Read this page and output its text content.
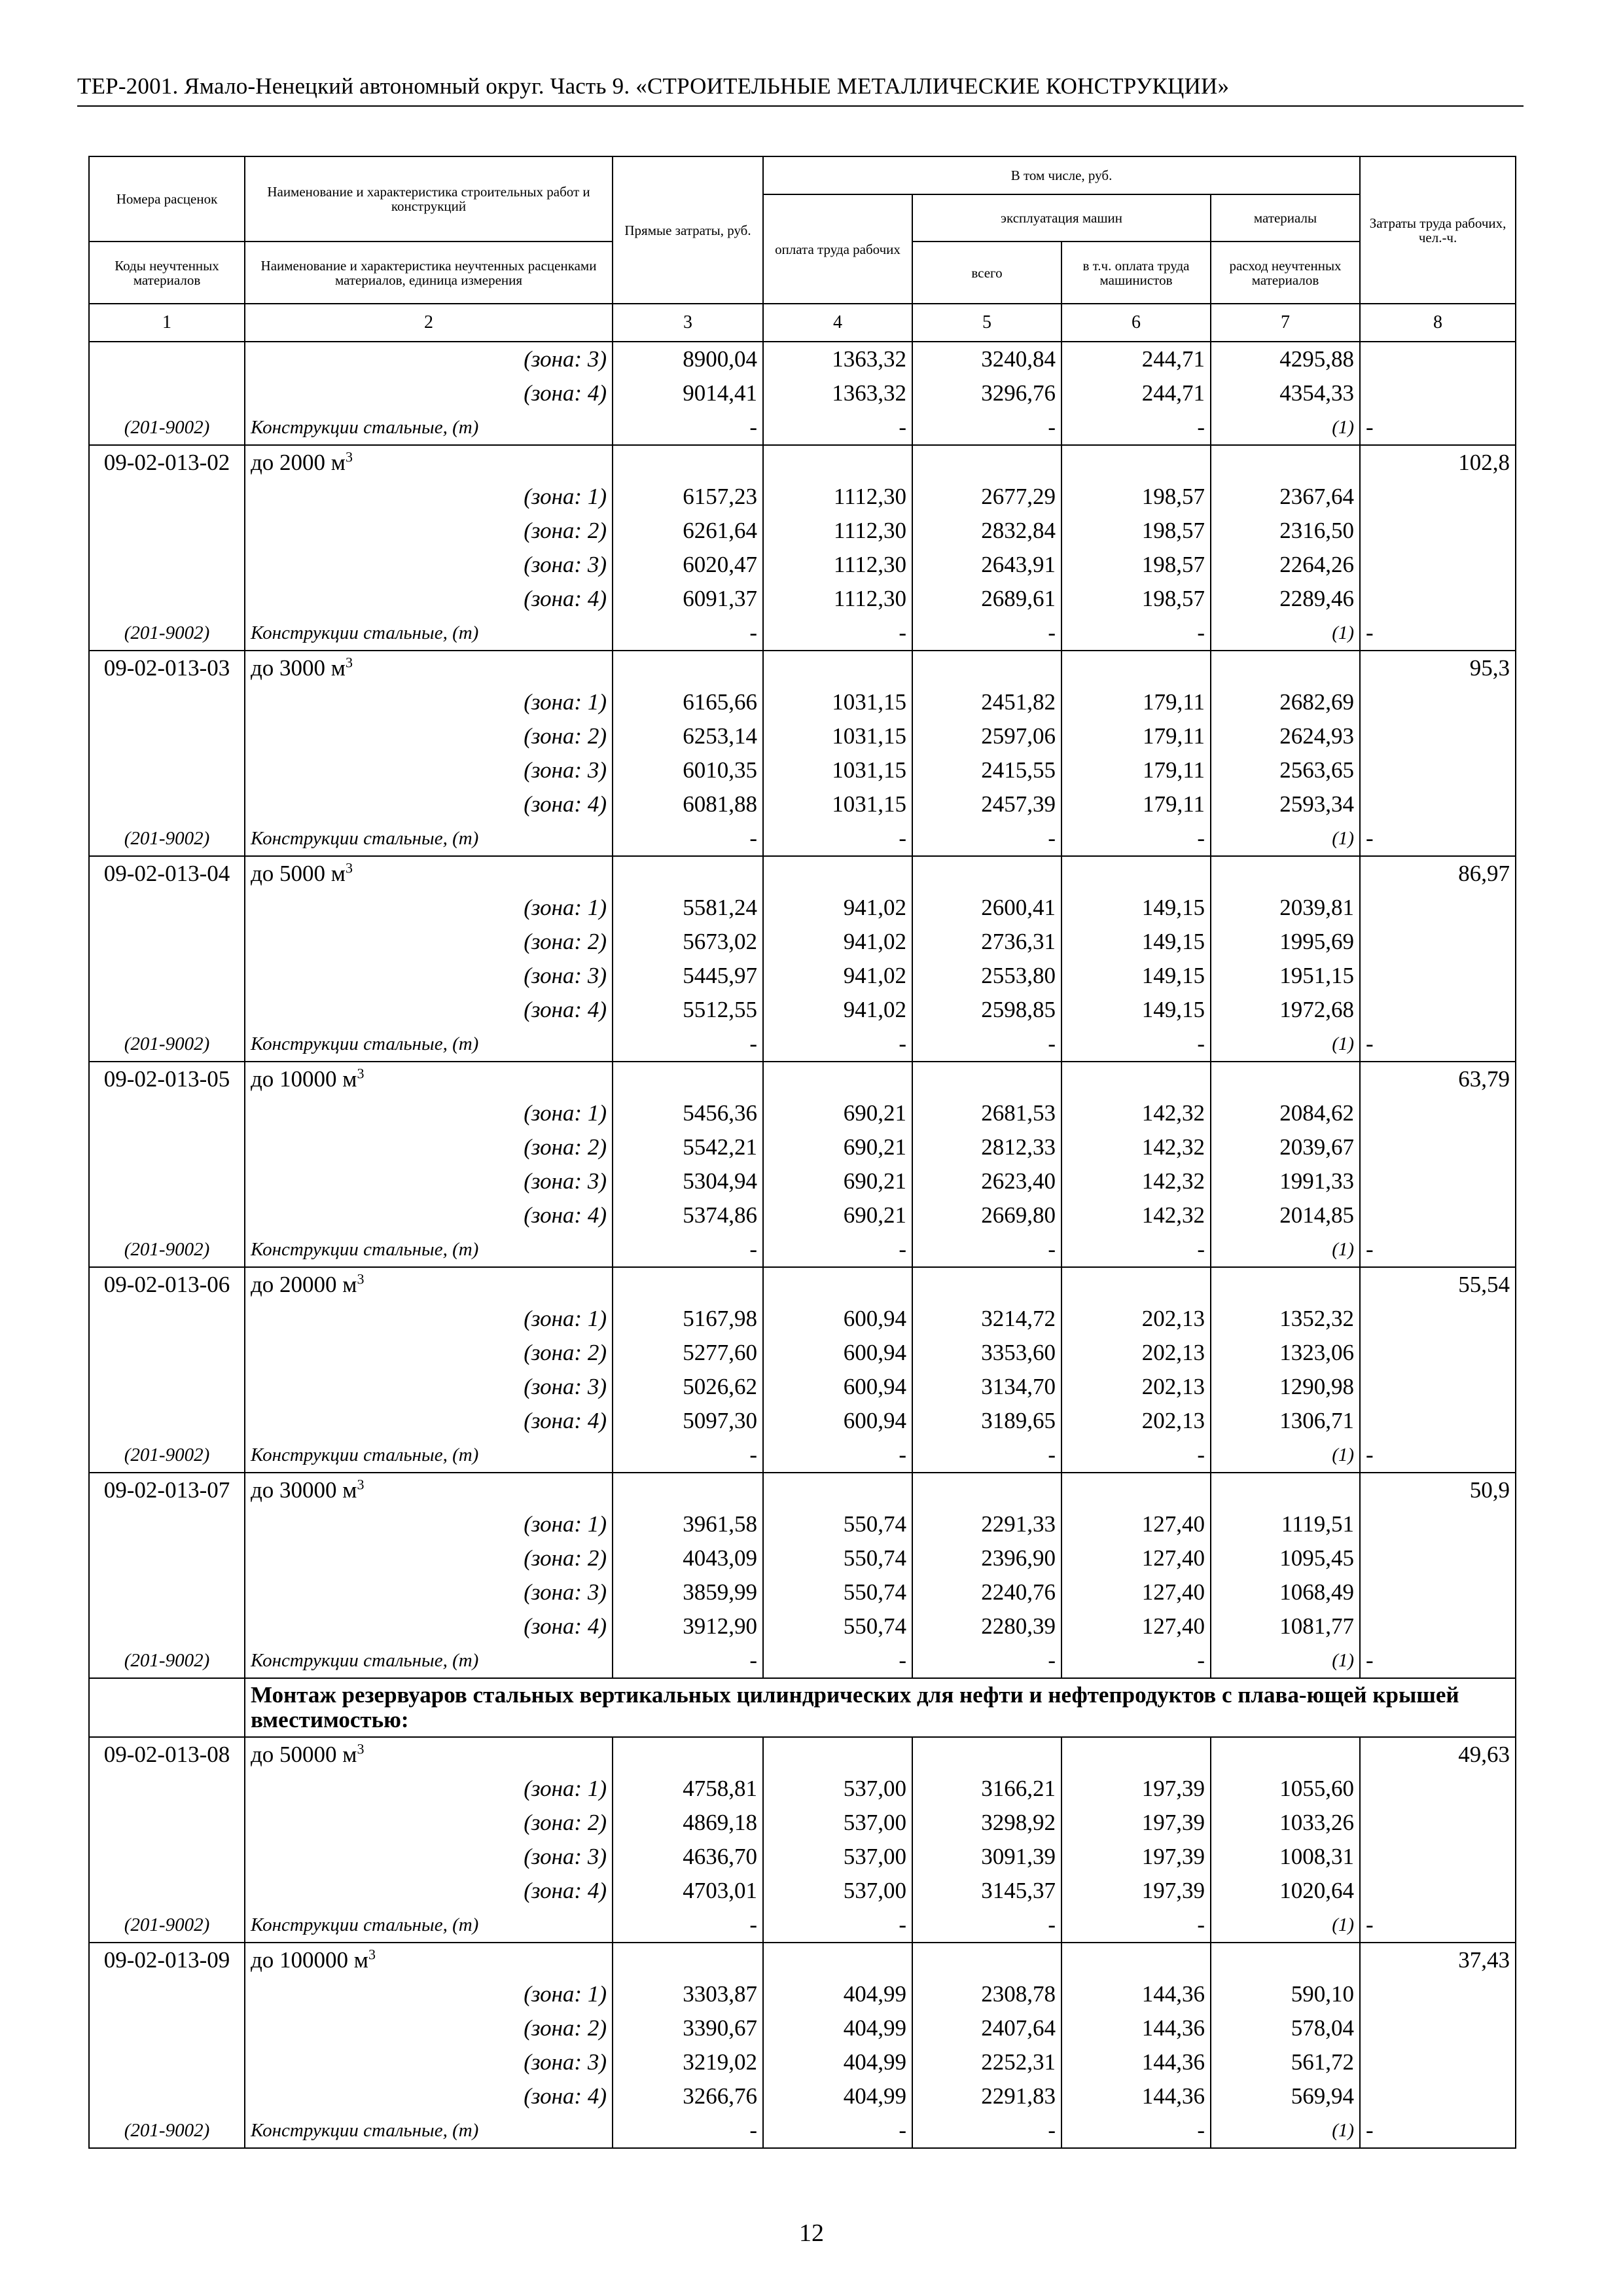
ТЕР-2001. Ямало-Ненецкий автономный округ. Часть 9. «СТРОИТЕЛЬНЫЕ МЕТАЛЛИЧЕСКИЕ КОНСТРУКЦИИ»
Номера расценок	Наименование и характеристика строительных работ и конструкций	Прямые затраты, руб.	В том числе, руб.				Затраты труда рабочих, чел.-ч.
			оплата труда рабочих	эксплуатация машин		материалы	
Коды неучтенных материалов	Наименование и характеристика неучтенных расценками материалов, единица измерения			всего	в т.ч. оплата труда машинистов	расход неучтенных материалов	
1	2	3	4	5	6	7	8
	(зона: 3)	8900,04	1363,32	3240,84	244,71	4295,88	
	(зона: 4)	9014,41	1363,32	3296,76	244,71	4354,33	
(201-9002)	Конструкции стальные, (т)	-	-	-	-	(1)	-
09-02-013-02	до 2000 $м^3$						102,8
	(зона: 1)	6157,23	1112,30	2677,29	198,57	2367,64	
	(зона: 2)	6261,64	1112,30	2832,84	198,57	2316,50	
	(зона: 3)	6020,47	1112,30	2643,91	198,57	2264,26	
	(зона: 4)	6091,37	1112,30	2689,61	198,57	2289,46	
(201-9002)	Конструкции стальные, (т)	-	-	-	-	(1)	-
09-02-013-03	до 3000 $м^3$						95,3
	(зона: 1)	6165,66	1031,15	2451,82	179,11	2682,69	
	(зона: 2)	6253,14	1031,15	2597,06	179,11	2624,93	
	(зона: 3)	6010,35	1031,15	2415,55	179,11	2563,65	
	(зона: 4)	6081,88	1031,15	2457,39	179,11	2593,34	
(201-9002)	Конструкции стальные, (т)	-	-	-	-	(1)	-
09-02-013-04	до 5000 $м^3$						86,97
	(зона: 1)	5581,24	941,02	2600,41	149,15	2039,81	
	(зона: 2)	5673,02	941,02	2736,31	149,15	1995,69	
	(зона: 3)	5445,97	941,02	2553,80	149,15	1951,15	
	(зона: 4)	5512,55	941,02	2598,85	149,15	1972,68	
(201-9002)	Конструкции стальные, (т)	-	-	-	-	(1)	-
09-02-013-05	до 10000 $м^3$						63,79
	(зона: 1)	5456,36	690,21	2681,53	142,32	2084,62	
	(зона: 2)	5542,21	690,21	2812,33	142,32	2039,67	
	(зона: 3)	5304,94	690,21	2623,40	142,32	1991,33	
	(зона: 4)	5374,86	690,21	2669,80	142,32	2014,85	
(201-9002)	Конструкции стальные, (т)	-	-	-	-	(1)	-
09-02-013-06	до 20000 $м^3$						55,54
	(зона: 1)	5167,98	600,94	3214,72	202,13	1352,32	
	(зона: 2)	5277,60	600,94	3353,60	202,13	1323,06	
	(зона: 3)	5026,62	600,94	3134,70	202,13	1290,98	
	(зона: 4)	5097,30	600,94	3189,65	202,13	1306,71	
(201-9002)	Конструкции стальные, (т)	-	-	-	-	(1)	-
09-02-013-07	до 30000 $м^3$						50,9
	(зона: 1)	3961,58	550,74	2291,33	127,40	1119,51	
	(зона: 2)	4043,09	550,74	2396,90	127,40	1095,45	
	(зона: 3)	3859,99	550,74	2240,76	127,40	1068,49	
	(зона: 4)	3912,90	550,74	2280,39	127,40	1081,77	
(201-9002)	Конструкции стальные, (т)	-	-	-	-	(1)	-
	Монтаж резервуаров стальных вертикальных цилиндрических для нефти и нефтепродуктов с плава-ющей крышей вместимостью:						
09-02-013-08	до 50000 $м^3$						49,63
	(зона: 1)	4758,81	537,00	3166,21	197,39	1055,60	
	(зона: 2)	4869,18	537,00	3298,92	197,39	1033,26	
	(зона: 3)	4636,70	537,00	3091,39	197,39	1008,31	
	(зона: 4)	4703,01	537,00	3145,37	197,39	1020,64	
(201-9002)	Конструкции стальные, (т)	-	-	-	-	(1)	-
09-02-013-09	до 100000 $м^3$						37,43
	(зона: 1)	3303,87	404,99	2308,78	144,36	590,10	
	(зона: 2)	3390,67	404,99	2407,64	144,36	578,04	
	(зона: 3)	3219,02	404,99	2252,31	144,36	561,72	
	(зона: 4)	3266,76	404,99	2291,83	144,36	569,94	
(201-9002)	Конструкции стальные, (т)	-	-	-	-	(1)	-
12
